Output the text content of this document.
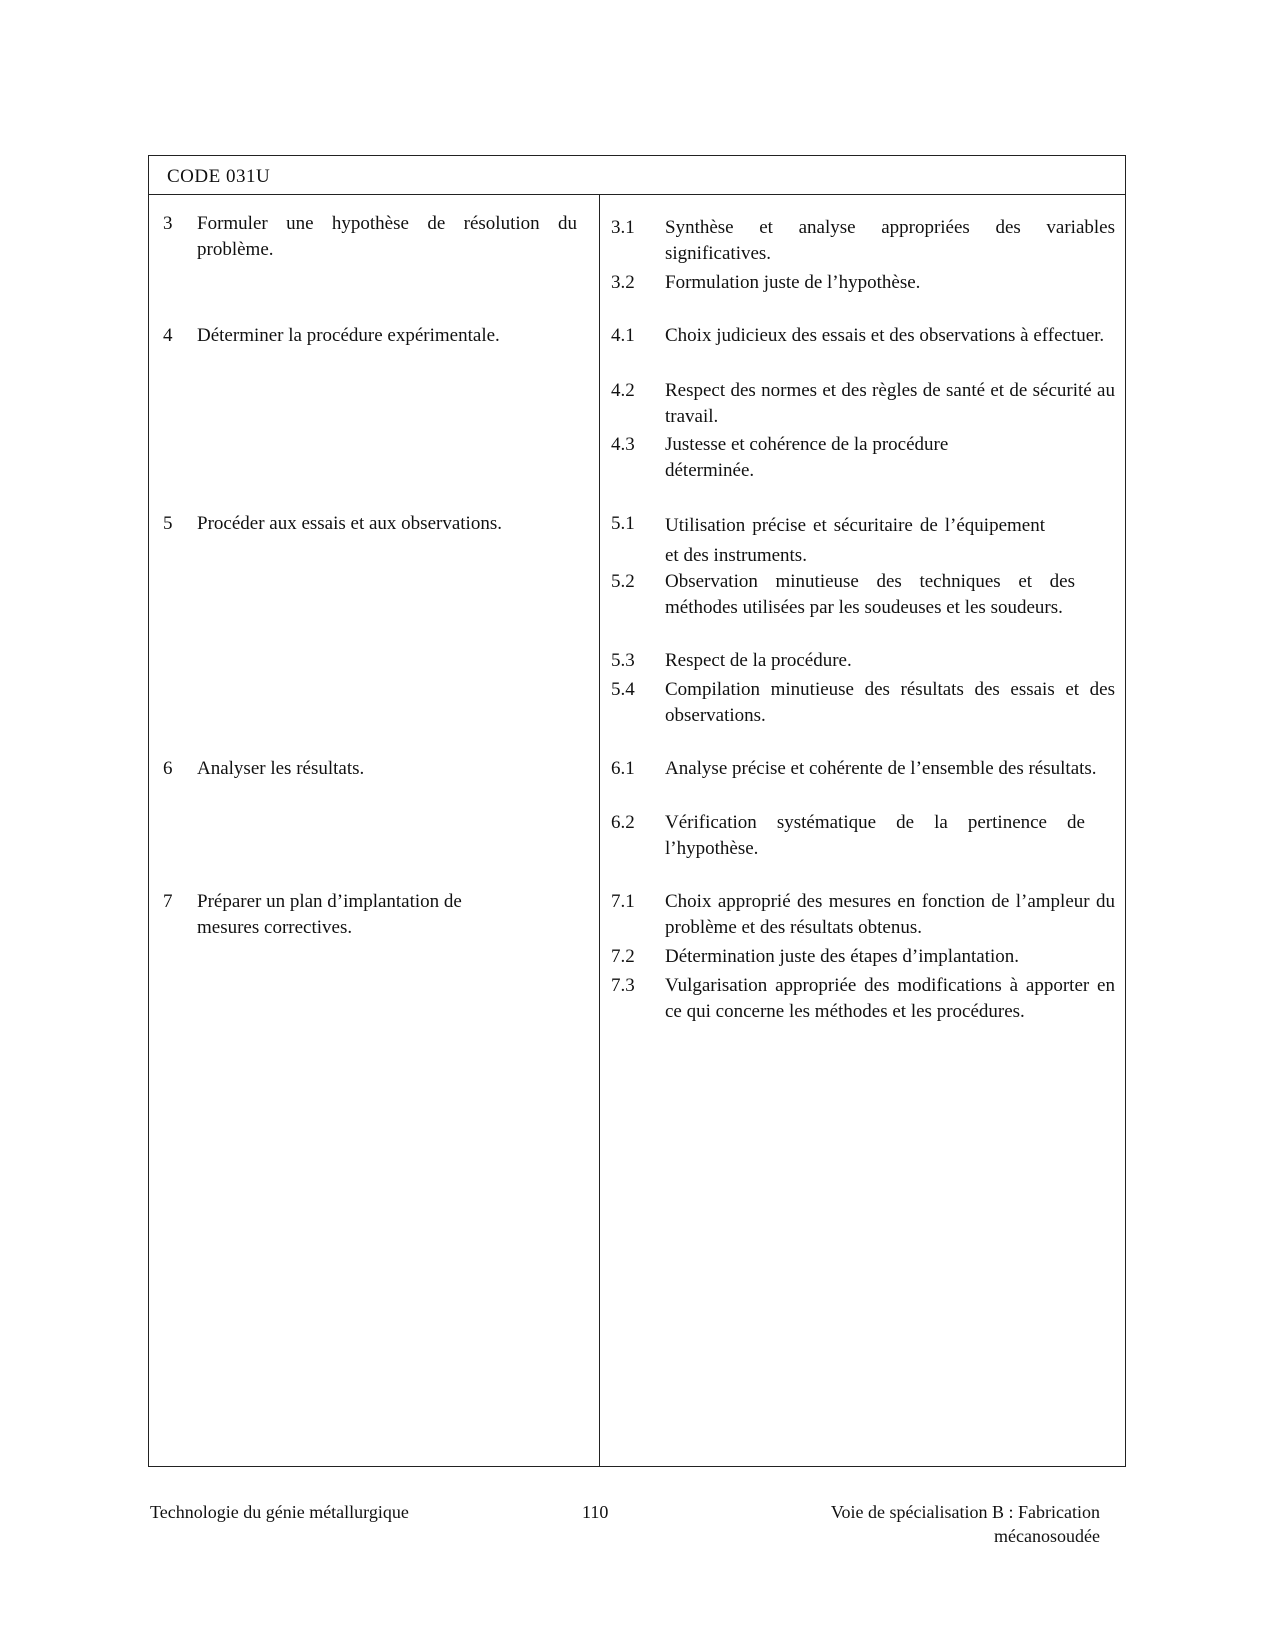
CODE 031U
3 Formuler une hypothèse de résolution du problème.
3.1 Synthèse et analyse appropriées des variables significatives.
3.2 Formulation juste de l’hypothèse.
4 Déterminer la procédure expérimentale.	4.1 Choix judicieux des essais et des observations à effectuer.
4.2 Respect des normes et des règles de santé et de sécurité au travail.
4.3 Justesse et cohérence de la procédure déterminée.
5 Procéder aux essais et aux observations.	5.1 Utilisation précise et sécuritaire de l’équipement et des instruments.
5.2 Observation minutieuse des techniques et des méthodes utilisées par les soudeuses et les soudeurs.
5.3 Respect de la procédure.
5.4 Compilation minutieuse des résultats des essais et des observations.
6 Analyser les résultats.	6.1 Analyse précise et cohérente de l’ensemble des résultats.
6.2 Vérification systématique de la pertinence de l’hypothèse.
7 Préparer un plan d’implantation de mesures correctives.
7.1 Choix approprié des mesures en fonction de l’ampleur du problème et des résultats obtenus.
7.2 Détermination juste des étapes d’implantation.
7.3 Vulgarisation appropriée des modifications à apporter en ce qui concerne les méthodes et les procédures.
Technologie du génie métallurgique	110	Voie de spécialisation B : Fabrication mécanosoudée
